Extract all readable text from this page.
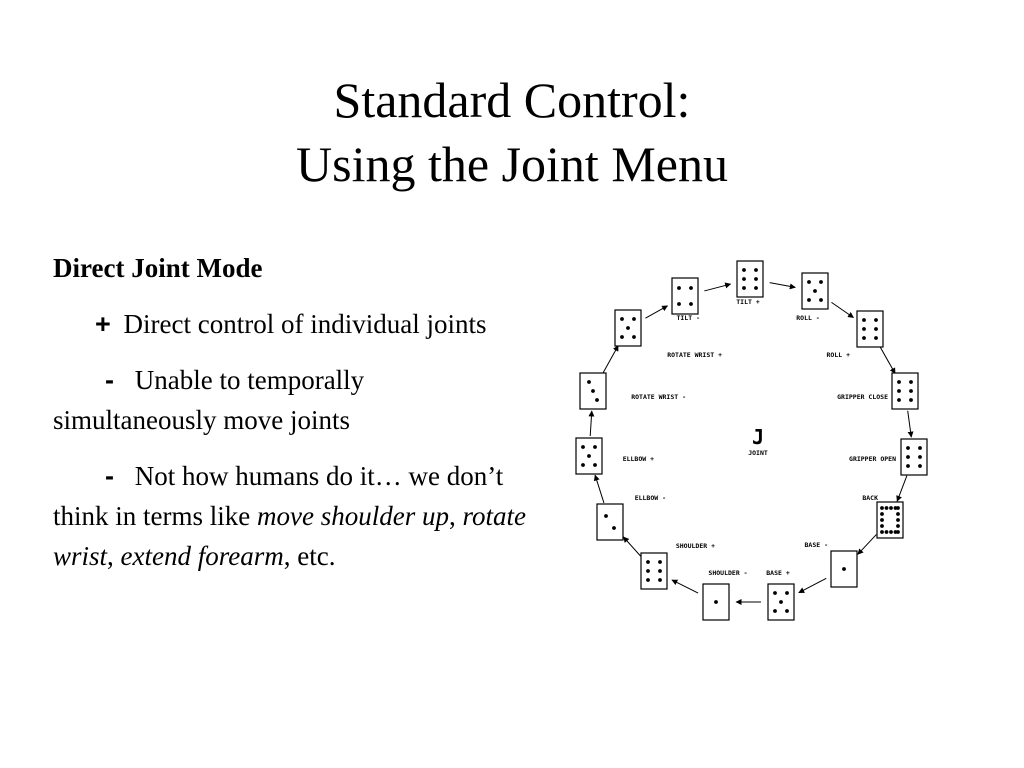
Standard Control:
Using the Joint Menu
Direct Joint Mode
+ Direct control of individual joints
- Unable to temporally simultaneously move joints
- Not how humans do it… we don’t think in terms like move shoulder up, rotate wrist, extend forearm, etc.
TILT +
ROLL -
ROLL +
GRIPPER CLOSE
GRIPPER OPEN
BACK
BASE -
BASE +
SHOULDER -
SHOULDER +
ELLBOW -
ELLBOW +
ROTATE WRIST -
ROTATE WRIST +
TILT -
J
JOINT
